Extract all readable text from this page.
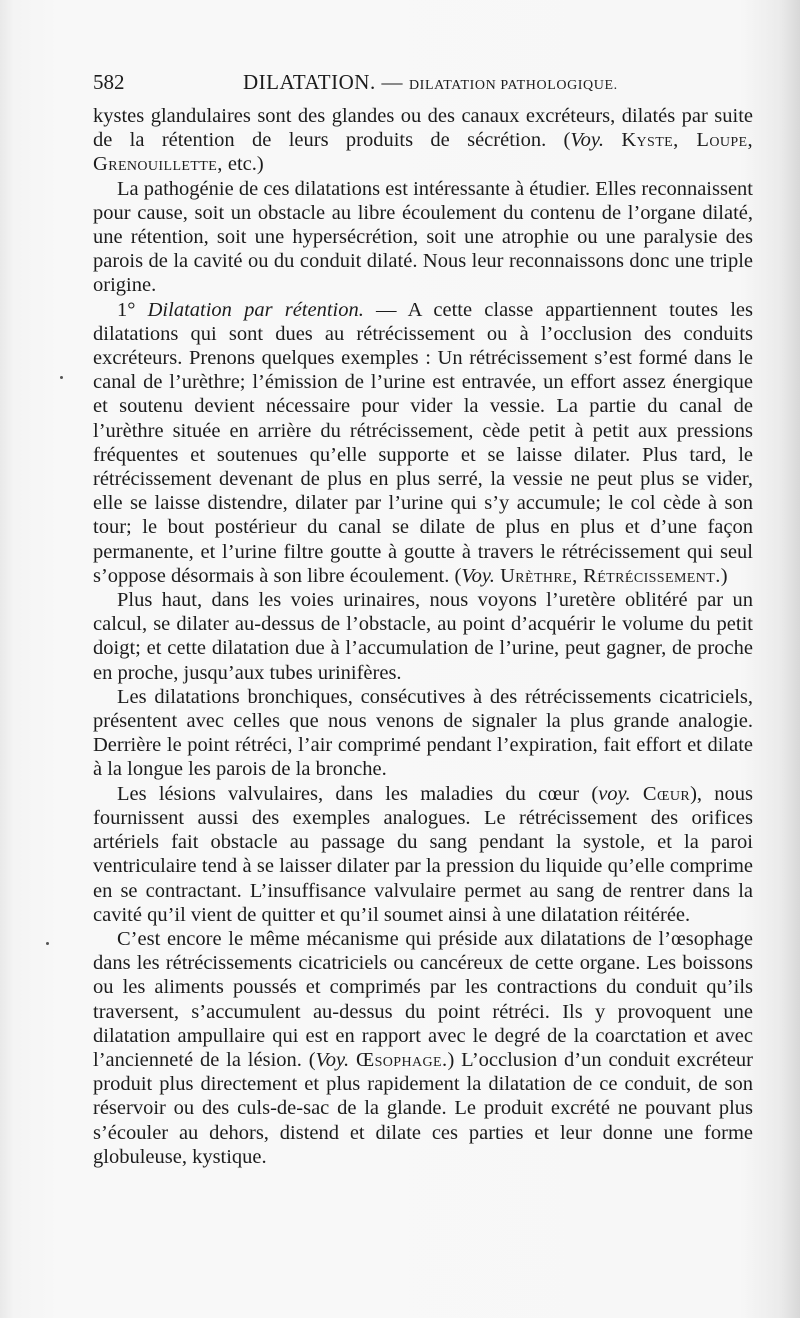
582	DILATATION. — DILATATION PATHOLOGIQUE.

kystes glandulaires sont des glandes ou des canaux excréteurs, dilatés par suite de la rétention de leurs produits de sécrétion. (Voy. Kyste, Loupe, Grenouillette, etc.)

La pathogénie de ces dilatations est intéressante à étudier. Elles reconnaissent pour cause, soit un obstacle au libre écoulement du contenu de l’organe dilaté, une rétention, soit une hypersécrétion, soit une atrophie ou une paralysie des parois de la cavité ou du conduit dilaté. Nous leur reconnaissons donc une triple origine.

1° Dilatation par rétention. — A cette classe appartiennent toutes les dilatations qui sont dues au rétrécissement ou à l’occlusion des conduits excréteurs. Prenons quelques exemples : Un rétrécissement s’est formé dans le canal de l’urèthre; l’émission de l’urine est entravée, un effort assez énergique et soutenu devient nécessaire pour vider la vessie. La partie du canal de l’urèthre située en arrière du rétrécissement, cède petit à petit aux pressions fréquentes et soutenues qu’elle supporte et se laisse dilater. Plus tard, le rétrécissement devenant de plus en plus serré, la vessie ne peut plus se vider, elle se laisse distendre, dilater par l’urine qui s’y accumule; le col cède à son tour; le bout postérieur du canal se dilate de plus en plus et d’une façon permanente, et l’urine filtre goutte à goutte à travers le rétrécissement qui seul s’oppose désormais à son libre écoulement. (Voy. Urèthre, Rétrécissement.)

Plus haut, dans les voies urinaires, nous voyons l’uretère oblitéré par un calcul, se dilater au-dessus de l’obstacle, au point d’acquérir le volume du petit doigt; et cette dilatation due à l’accumulation de l’urine, peut gagner, de proche en proche, jusqu’aux tubes urinifères.

Les dilatations bronchiques, consécutives à des rétrécissements cicatriciels, présentent avec celles que nous venons de signaler la plus grande analogie. Derrière le point rétréci, l’air comprimé pendant l’expiration, fait effort et dilate à la longue les parois de la bronche.

Les lésions valvulaires, dans les maladies du cœur (voy. Cœur), nous fournissent aussi des exemples analogues. Le rétrécissement des orifices artériels fait obstacle au passage du sang pendant la systole, et la paroi ventriculaire tend à se laisser dilater par la pression du liquide qu’elle comprime en se contractant. L’insuffisance valvulaire permet au sang de rentrer dans la cavité qu’il vient de quitter et qu’il soumet ainsi à une dilatation réitérée.

C’est encore le même mécanisme qui préside aux dilatations de l’œsophage dans les rétrécissements cicatriciels ou cancéreux de cette organe. Les boissons ou les aliments poussés et comprimés par les contractions du conduit qu’ils traversent, s’accumulent au-dessus du point rétréci. Ils y provoquent une dilatation ampullaire qui est en rapport avec le degré de la coarctation et avec l’ancienneté de la lésion. (Voy. Œsophage.) L’occlusion d’un conduit excréteur produit plus directement et plus rapidement la dilatation de ce conduit, de son réservoir ou des culs-de-sac de la glande. Le produit excrété ne pouvant plus s’écouler au dehors, distend et dilate ces parties et leur donne une forme globuleuse, kystique.
